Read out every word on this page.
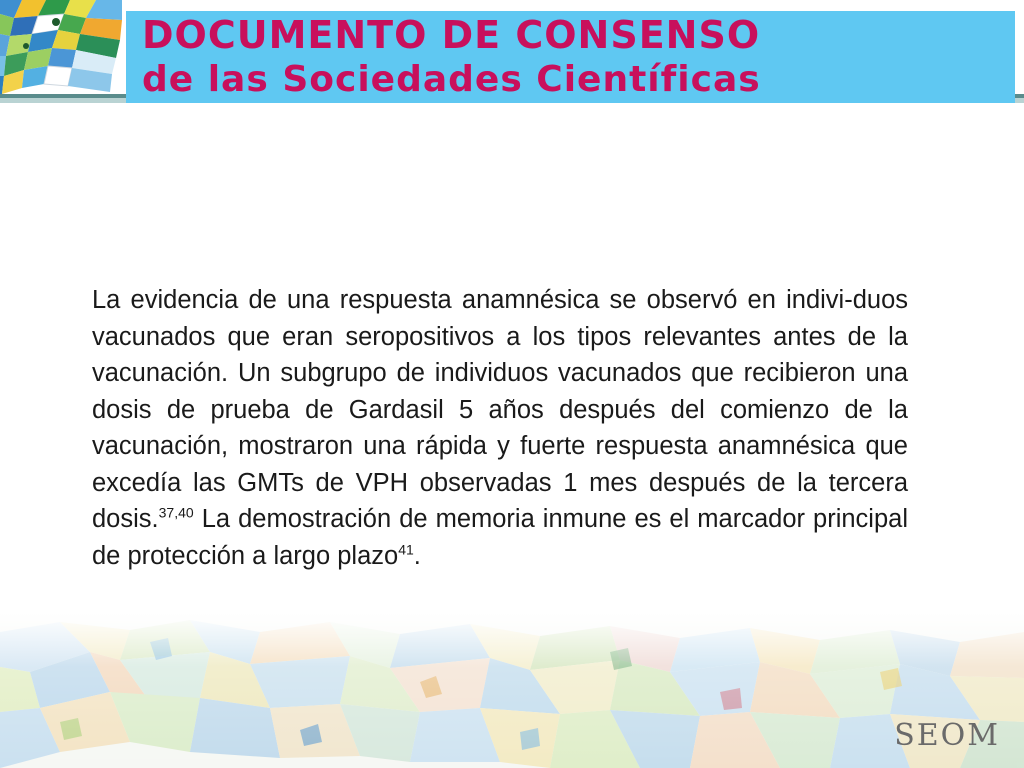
DOCUMENTO DE CONSENSO
de las Sociedades Científicas

La evidencia de una respuesta anamnésica se observó en indivi-duos vacunados que eran seropositivos a los tipos relevantes antes de la vacunación. Un subgrupo de individuos vacunados que recibieron una dosis de prueba de Gardasil 5 años después del comienzo de la vacunación, mostraron una rápida y fuerte respuesta anamnésica que excedía las GMTs de VPH observadas 1 mes después de la tercera dosis.$^{37,40}$ La demostración de memoria inmune es el marcador principal de protección a largo plazo$^{41}$.

SEOM
